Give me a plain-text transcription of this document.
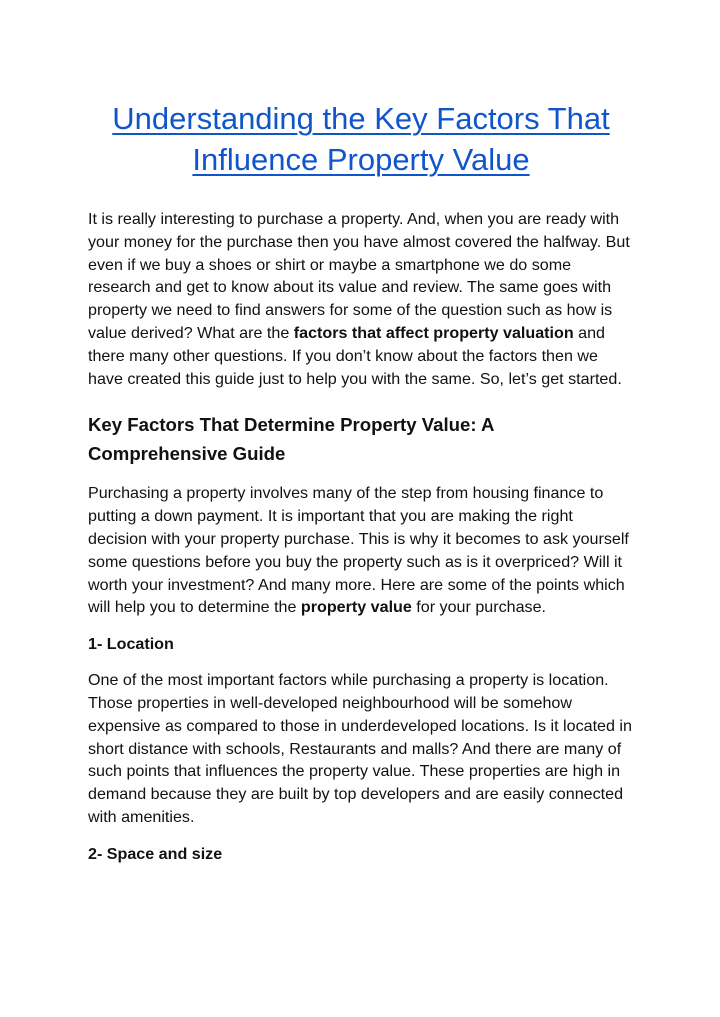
Understanding the Key Factors That
Influence Property Value

It is really interesting to purchase a property. And, when you are ready with your money for the purchase then you have almost covered the halfway. But even if we buy a shoes or shirt or maybe a smartphone we do some research and get to know about its value and review. The same goes with property we need to find answers for some of the question such as how is value derived? What are the factors that affect property valuation and there many other questions. If you don’t know about the factors then we have created this guide just to help you with the same. So, let’s get started.

Key Factors That Determine Property Value: A
Comprehensive Guide

Purchasing a property involves many of the step from housing finance to putting a down payment. It is important that you are making the right decision with your property purchase. This is why it becomes to ask yourself some questions before you buy the property such as is it overpriced? Will it worth your investment? And many more. Here are some of the points which will help you to determine the property value for your purchase.

1- Location

One of the most important factors while purchasing a property is location. Those properties in well-developed neighbourhood will be somehow expensive as compared to those in underdeveloped locations. Is it located in short distance with schools, Restaurants and malls? And there are many of such points that influences the property value. These properties are high in demand because they are built by top developers and are easily connected with amenities.

2- Space and size
